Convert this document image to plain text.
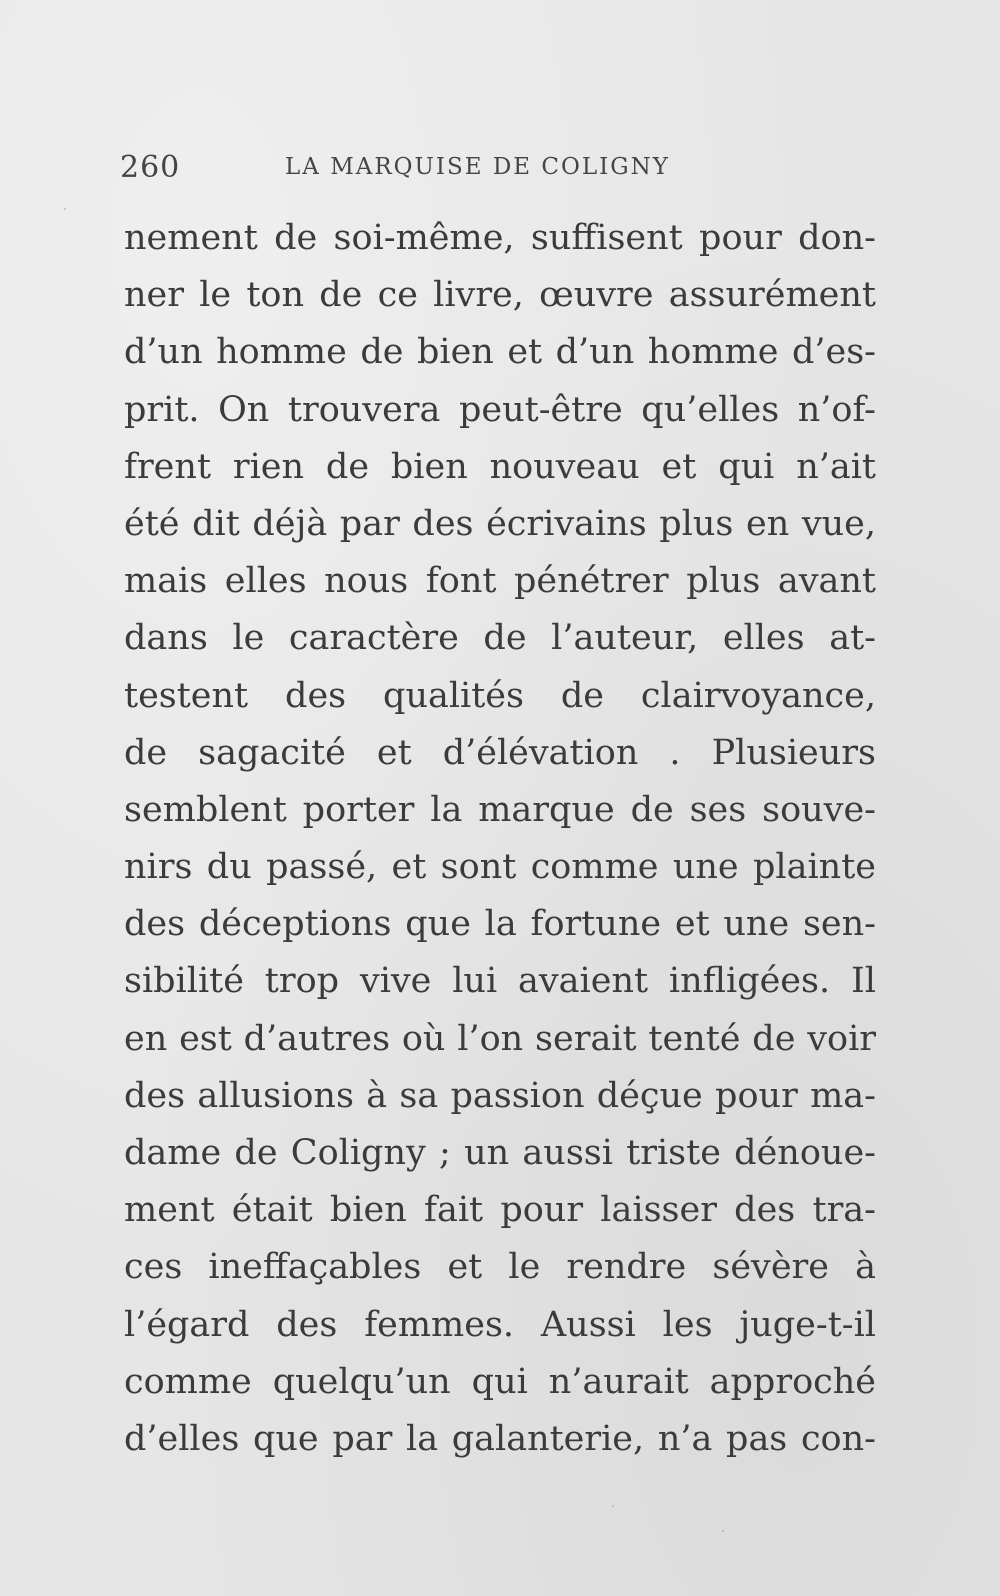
260	LA MARQUISE DE COLIGNY
nement de soi-même, suffisent pour don-
ner le ton de ce livre, œuvre assurément
d’un homme de bien et d’un homme d’es-
prit. On trouvera peut-être qu’elles n’of-
frent rien de bien nouveau et qui n’ait
été dit déjà par des écrivains plus en vue,
mais elles nous font pénétrer plus avant
dans le caractère de l’auteur, elles at-
testent des qualités de clairvoyance,
de sagacité et d’élévation . Plusieurs
semblent porter la marque de ses souve-
nirs du passé, et sont comme une plainte
des déceptions que la fortune et une sen-
sibilité trop vive lui avaient infligées. Il
en est d’autres où l’on serait tenté de voir
des allusions à sa passion déçue pour ma-
dame de Coligny ; un aussi triste dénoue-
ment était bien fait pour laisser des tra-
ces ineffaçables et le rendre sévère à
l’égard des femmes. Aussi les juge-t-il
comme quelqu’un qui n’aurait approché
d’elles que par la galanterie, n’a pas con-
